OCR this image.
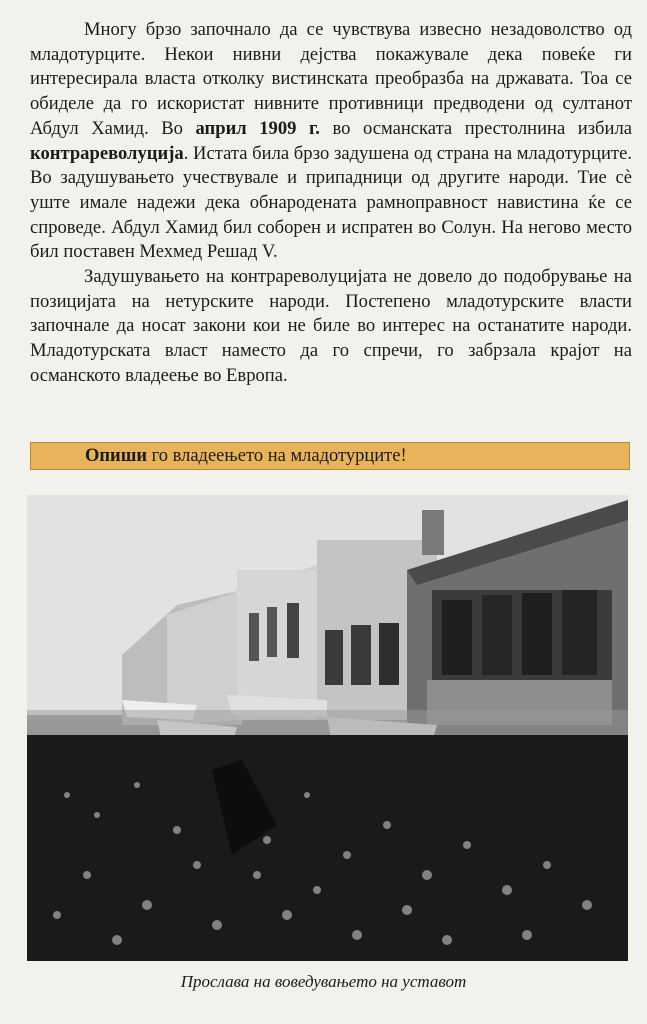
Многу брзо започнало да се чувствува извесно незадоволство од младотурците. Некои нивни дејства покажувале дека повеќе ги интересирала власта отколку вистинската преобразба на државата. Тоа се обиделе да го искористат нивните противници предводени од султанот Абдул Хамид. Во април 1909 г. во османската престолнина избила контрареволуција. Истата била брзо задушена од страна на младотурците. Во задушувањето учествувале и припадници од другите народи. Тие сè уште имале надежи дека обнародената рамноправност навистина ќе се спроведе. Абдул Хамид бил соборен и испратен во Солун. На негово место бил поставен Мехмед Решад V.

Задушувањето на контрареволуцијата не довело до подобрување на позицијата на нетурските народи. Постепено младотурските власти започнале да носат закони кои не биле во интерес на останатите народи. Младотурската власт наместо да го спречи, го забрзала крајот на османското владеење во Европа.

Опиши го владеењето на младотурците!
Прослава на воведувањето на уставот
